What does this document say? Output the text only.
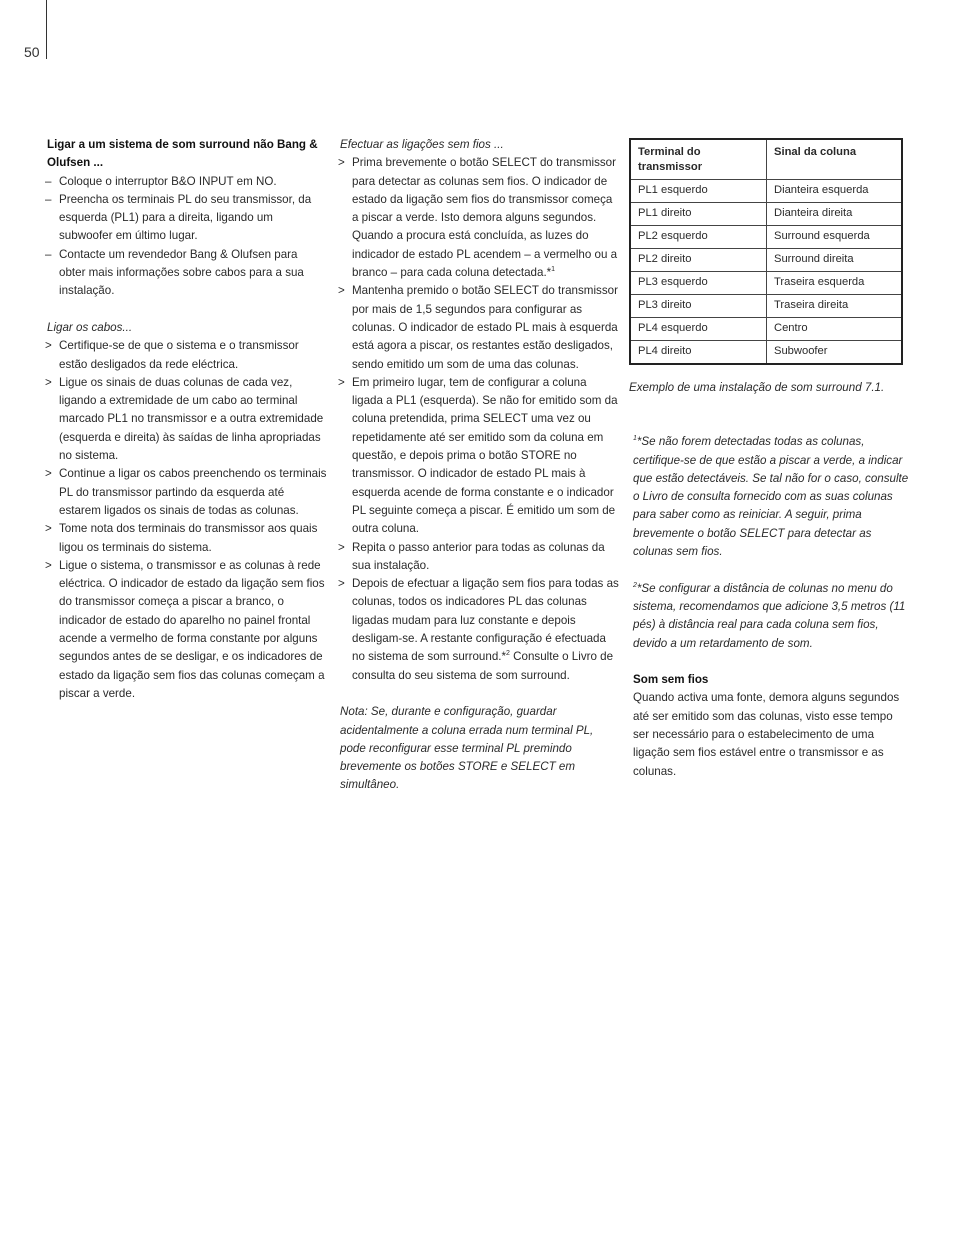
50
Ligar a um sistema de som surround não Bang & Olufsen ...
– Coloque o interruptor B&O INPUT em NO.
– Preencha os terminais PL do seu transmissor, da esquerda (PL1) para a direita, ligando um subwoofer em último lugar.
– Contacte um revendedor Bang & Olufsen para obter mais informações sobre cabos para a sua instalação.
Ligar os cabos...
> Certifique-se de que o sistema e o transmissor estão desligados da rede eléctrica.
> Ligue os sinais de duas colunas de cada vez, ligando a extremidade de um cabo ao terminal marcado PL1 no transmissor e a outra extremidade (esquerda e direita) às saídas de linha apropriadas no sistema.
> Continue a ligar os cabos preenchendo os terminais PL do transmissor partindo da esquerda até estarem ligados os sinais de todas as colunas.
> Tome nota dos terminais do transmissor aos quais ligou os terminais do sistema.
> Ligue o sistema, o transmissor e as colunas à rede eléctrica. O indicador de estado da ligação sem fios do transmissor começa a piscar a branco, o indicador de estado do aparelho no painel frontal acende a vermelho de forma constante por alguns segundos antes de se desligar, e os indicadores de estado da ligação sem fios das colunas começam a piscar a verde.
Efectuar as ligações sem fios ...
> Prima brevemente o botão SELECT do transmissor para detectar as colunas sem fios. O indicador de estado da ligação sem fios do transmissor começa a piscar a verde. Isto demora alguns segundos. Quando a procura está concluída, as luzes do indicador de estado PL acendem – a vermelho ou a branco – para cada coluna detectada.*$^1$
> Mantenha premido o botão SELECT do transmissor por mais de 1,5 segundos para configurar as colunas. O indicador de estado PL mais à esquerda está agora a piscar, os restantes estão desligados, sendo emitido um som de uma das colunas.
> Em primeiro lugar, tem de configurar a coluna ligada a PL1 (esquerda). Se não for emitido som da coluna pretendida, prima SELECT uma vez ou repetidamente até ser emitido som da coluna em questão, e depois prima o botão STORE no transmissor. O indicador de estado PL mais à esquerda acende de forma constante e o indicador PL seguinte começa a piscar. É emitido um som de outra coluna.
> Repita o passo anterior para todas as colunas da sua instalação.
> Depois de efectuar a ligação sem fios para todas as colunas, todos os indicadores PL das colunas ligadas mudam para luz constante e depois desligam-se. A restante configuração é efectuada no sistema de som surround.*$^2$ Consulte o Livro de consulta do seu sistema de som surround.
Nota: Se, durante e configuração, guardar acidentalmente a coluna errada num terminal PL, pode reconfigurar esse terminal PL premindo brevemente os botões STORE e SELECT em simultâneo.
Terminal do transmissor	Sinal da coluna
PL1 esquerdo	Dianteira esquerda
PL1 direito	Dianteira direita
PL2 esquerdo	Surround esquerda
PL2 direito	Surround direita
PL3 esquerdo	Traseira esquerda
PL3 direito	Traseira direita
PL4 esquerdo	Centro
PL4 direito	Subwoofer
Exemplo de uma instalação de som surround 7.1.
$^1$*Se não forem detectadas todas as colunas, certifique-se de que estão a piscar a verde, a indicar que estão detectáveis. Se tal não for o caso, consulte o Livro de consulta fornecido com as suas colunas para saber como as reiniciar. A seguir, prima brevemente o botão SELECT para detectar as colunas sem fios.
$^2$*Se configurar a distância de colunas no menu do sistema, recomendamos que adicione 3,5 metros (11 pés) à distância real para cada coluna sem fios, devido a um retardamento de som.
Som sem fios
Quando activa uma fonte, demora alguns segundos até ser emitido som das colunas, visto esse tempo ser necessário para o estabelecimento de uma ligação sem fios estável entre o transmissor e as colunas.
